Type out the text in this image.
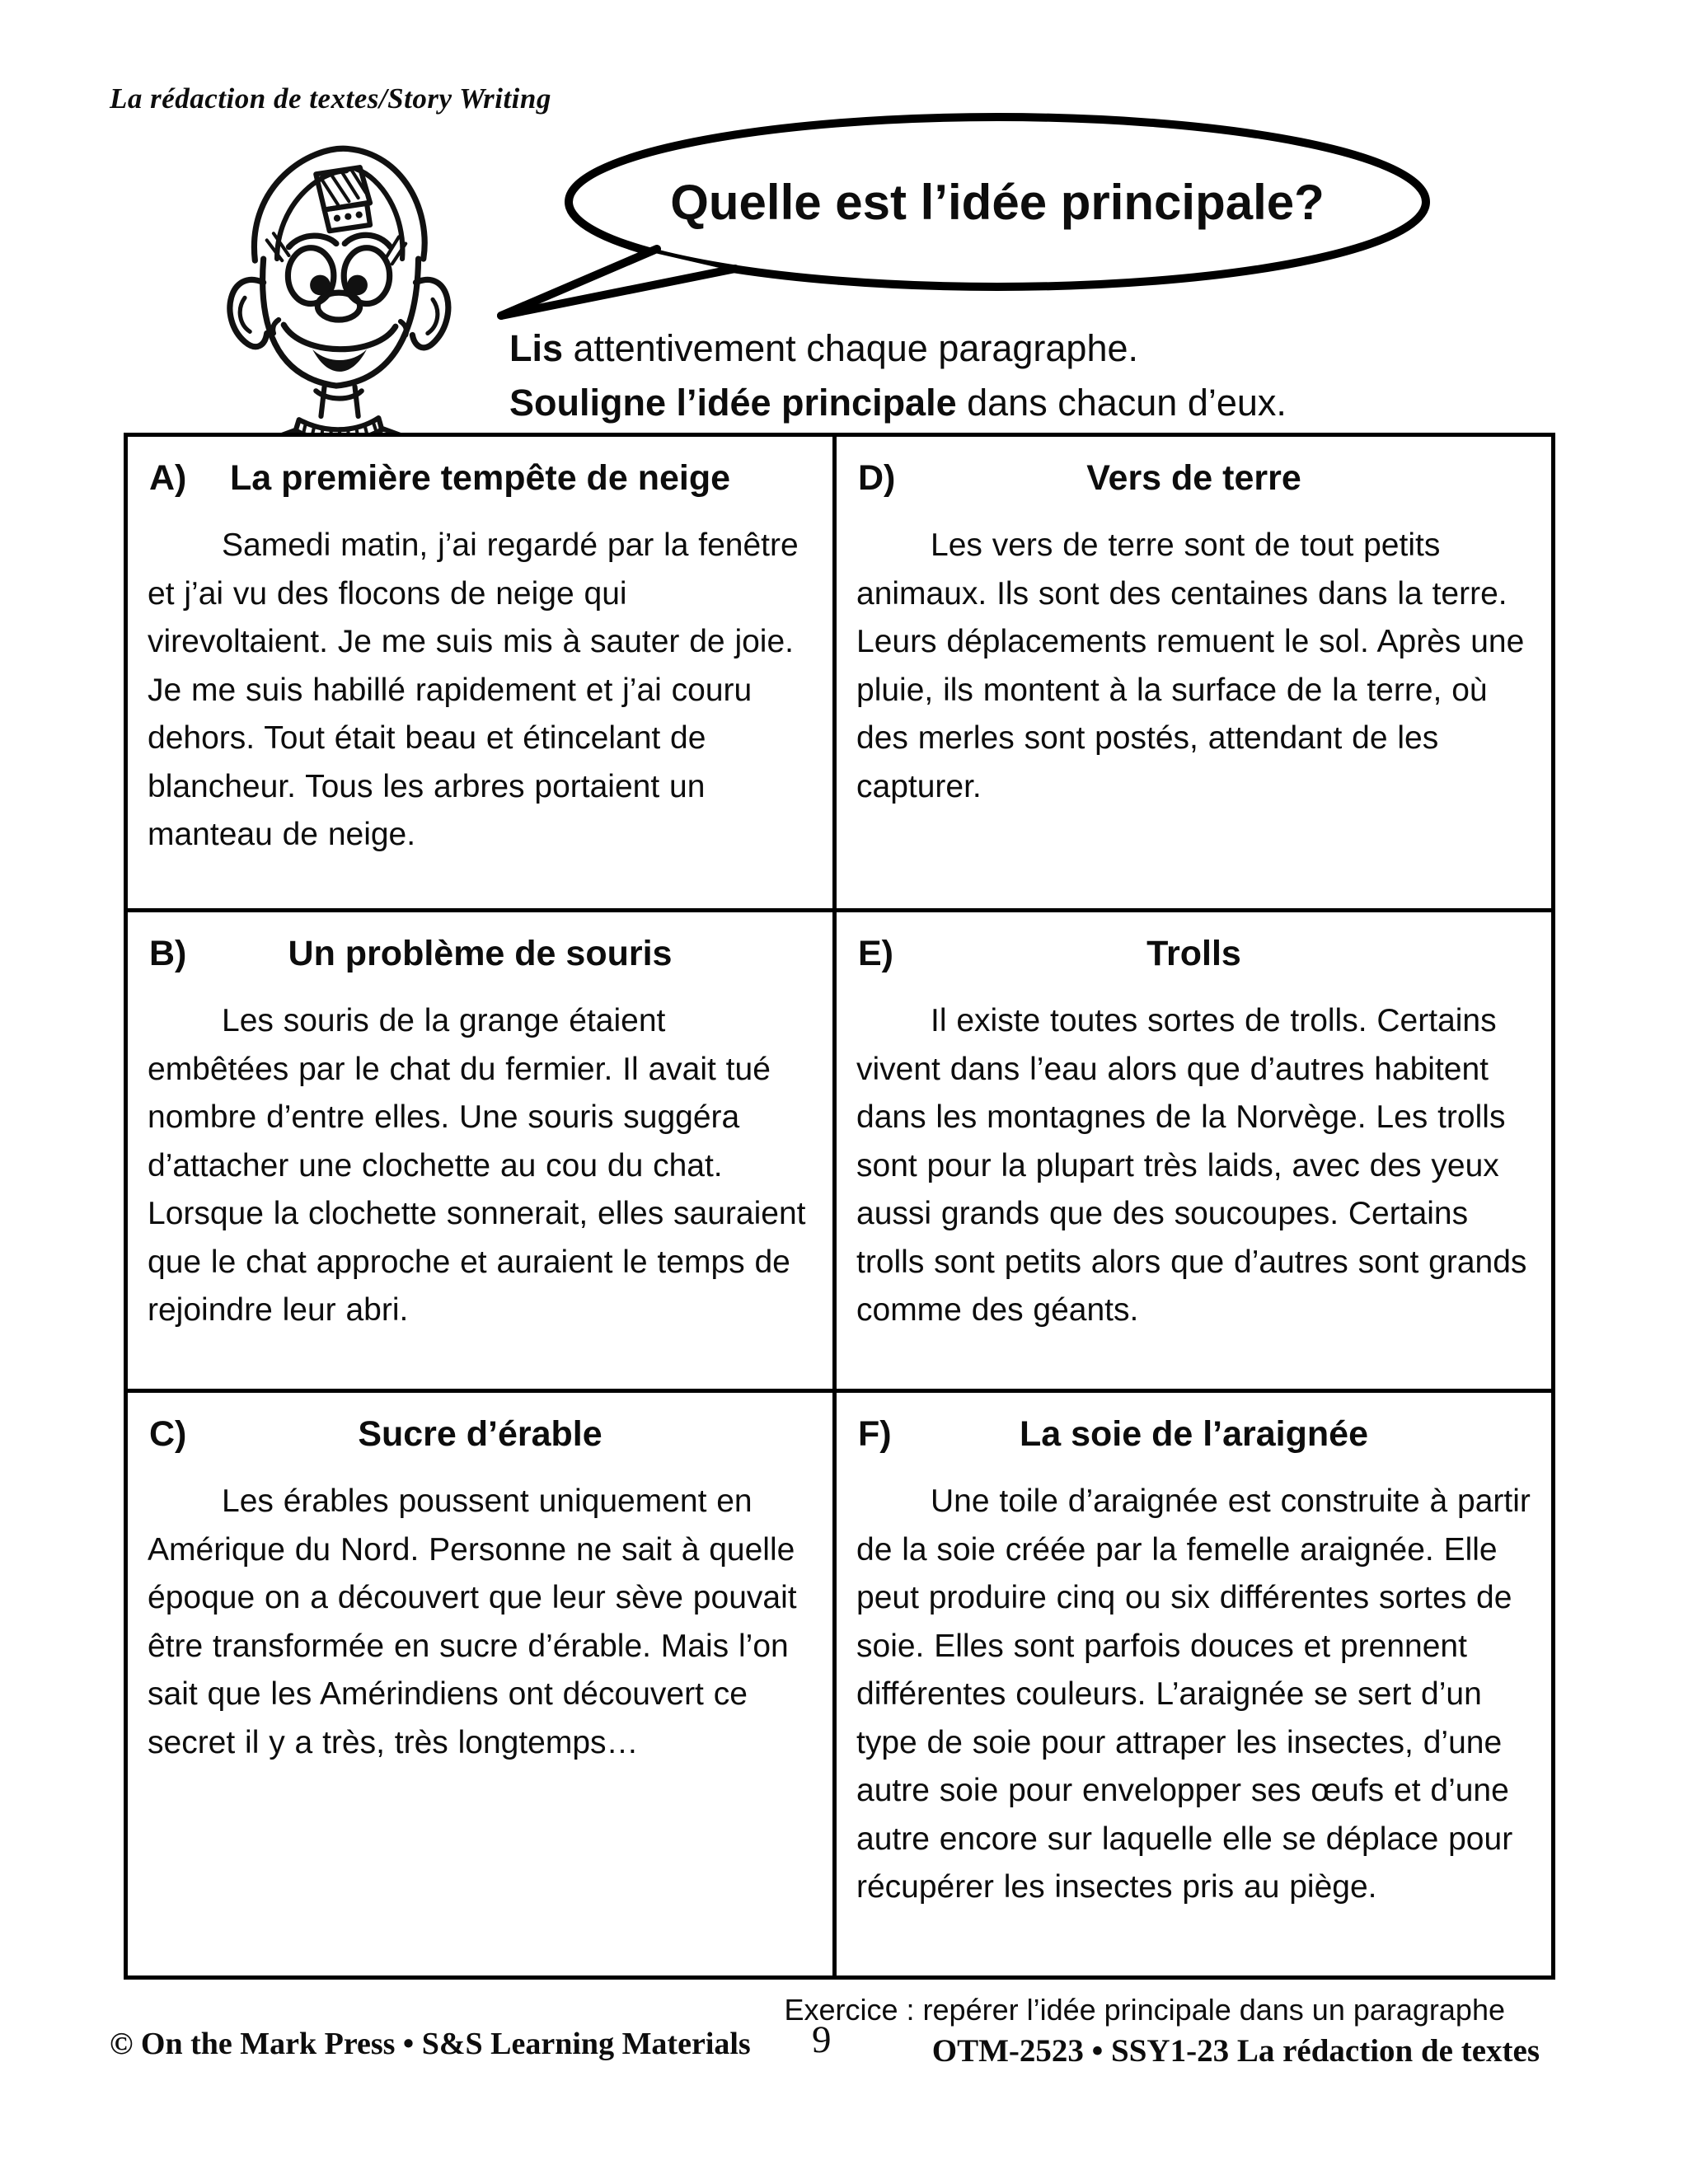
La rédaction de textes/Story Writing
Quelle est l’idée principale?

Lis attentivement chaque paragraphe.

Souligne l’idée principale dans chacun d’eux.

A) La première tempête de neige

Samedi matin, j’ai regardé par la fenêtre et j’ai vu des flocons de neige qui virevoltaient. Je me suis mis à sauter de joie. Je me suis habillé rapidement et j’ai couru dehors. Tout était beau et étincelant de blancheur. Tous les arbres portaient un manteau de neige.

D)	Vers de terre

Les vers de terre sont de tout petits animaux. Ils sont des centaines dans la terre. Leurs déplacements remuent le sol. Après une pluie, ils montent à la surface de la terre, où des merles sont postés, attendant de les capturer.

B)	Un problème de souris

Les souris de la grange étaient embêtées par le chat du fermier. Il avait tué nombre d’entre elles. Une souris suggéra d’attacher une clochette au cou du chat. Lorsque la clochette sonnerait, elles sauraient que le chat approche et auraient le temps de rejoindre leur abri.

E)	Trolls

Il existe toutes sortes de trolls. Certains vivent dans l’eau alors que d’autres habitent dans les montagnes de la Norvège. Les trolls sont pour la plupart très laids, avec des yeux aussi grands que des soucoupes. Certains trolls sont petits alors que d’autres sont grands comme des géants.

C)	Sucre d’érable

Les érables poussent uniquement en Amérique du Nord. Personne ne sait à quelle époque on a découvert que leur sève pouvait être transformée en sucre d’érable. Mais l’on sait que les Amérindiens ont découvert ce secret il y a très, très longtemps…

F)	La soie de l’araignée

Une toile d’araignée est construite à partir de la soie créée par la femelle araignée. Elle peut produire cinq ou six différentes sortes de soie. Elles sont parfois douces et prennent différentes couleurs. L’araignée se sert d’un type de soie pour attraper les insectes, d’une autre soie pour envelopper ses œufs et d’une autre encore sur laquelle elle se déplace pour récupérer les insectes pris au piège.

Exercice : repérer l’idée principale dans un paragraphe
© On the Mark Press • S&S Learning Materials 9	OTM-2523 • SSY1-23 La rédaction de textes
